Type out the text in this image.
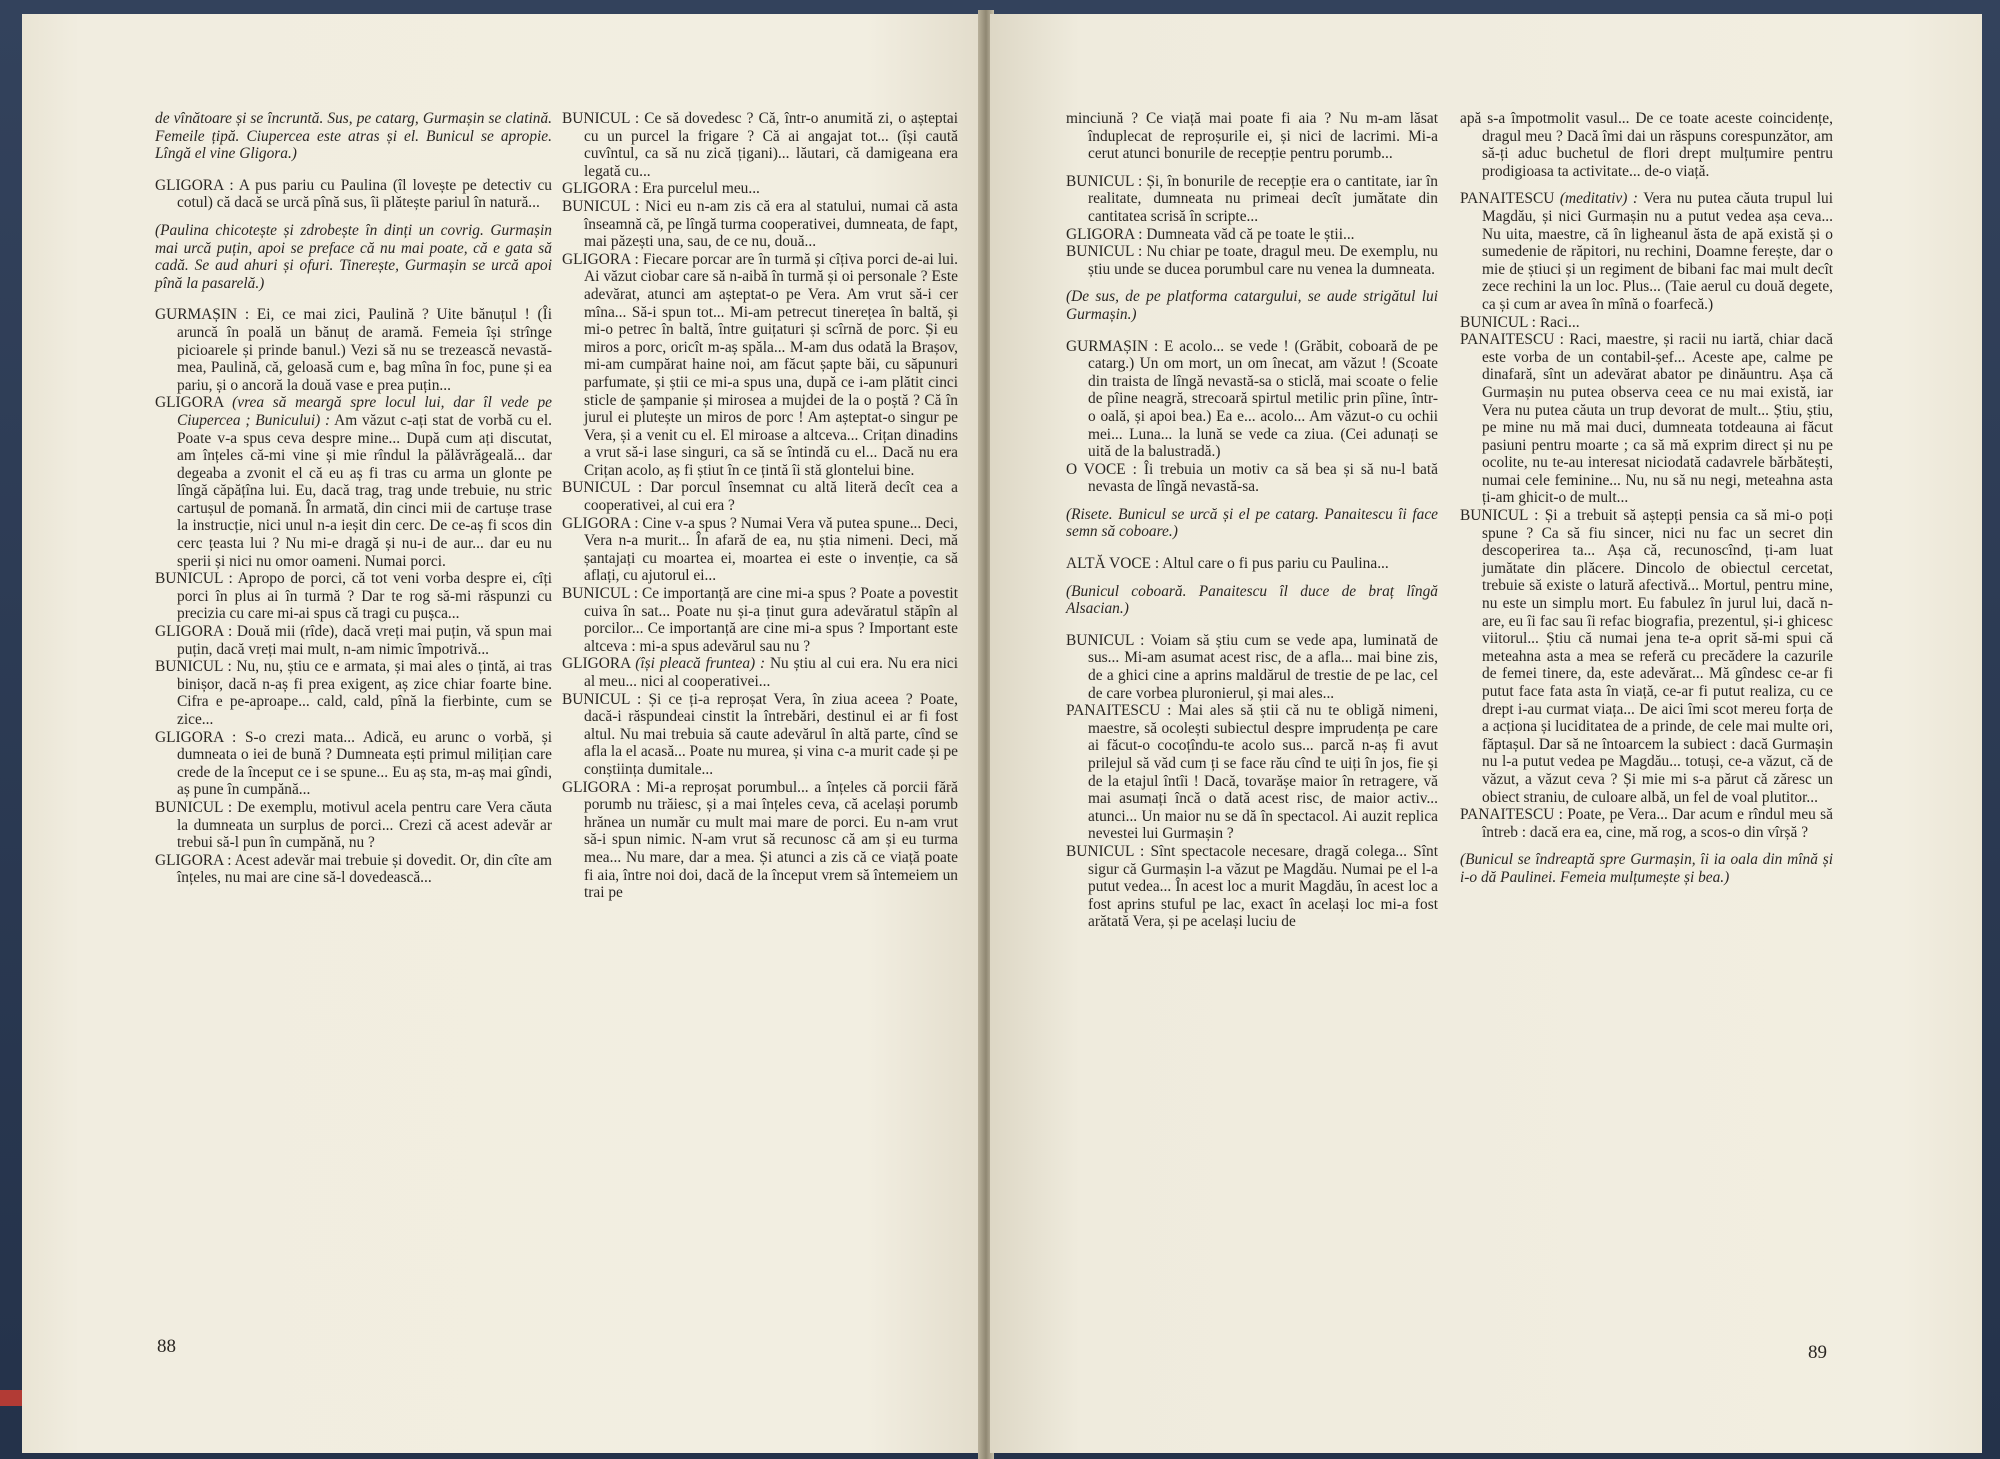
de vînătoare și se încruntă. Sus, pe catarg, Gurmașin se clatină. Femeile țipă. Ciupercea este atras și el. Bunicul se apropie. Lîngă el vine Gligora.)

GLIGORA : A pus pariu cu Paulina (îl lovește pe detectiv cu cotul) că dacă se urcă pînă sus, îi plătește pariul în natură...

(Paulina chicotește și zdrobește în dinți un covrig. Gurmașin mai urcă puțin, apoi se preface că nu mai poate, că e gata să cadă. Se aud ahuri și ofuri. Tinerește, Gurmașin se urcă apoi pînă la pasarelă.)

GURMAȘIN : Ei, ce mai zici, Paulină ? Uite bănuțul ! (Îi aruncă în poală un bănuț de aramă. Femeia își strînge picioarele și prinde banul.) Vezi să nu se trezească nevastă-mea, Paulină, că, geloasă cum e, bag mîna în foc, pune și ea pariu, și o ancoră la două vase e prea puțin...

GLIGORA (vrea să meargă spre locul lui, dar îl vede pe Ciupercea ; Bunicului) : Am văzut c-ați stat de vorbă cu el. Poate v-a spus ceva despre mine... După cum ați discutat, am înțeles că-mi vine și mie rîndul la pălăvrăgeală... dar degeaba a zvonit el că eu aș fi tras cu arma un glonte pe lîngă căpățîna lui. Eu, dacă trag, trag unde trebuie, nu stric cartușul de pomană. În armată, din cinci mii de cartușe trase la instrucție, nici unul n-a ieșit din cerc. De ce-aș fi scos din cerc țeasta lui ? Nu mi-e dragă și nu-i de aur... dar eu nu sperii și nici nu omor oameni. Numai porci.

BUNICUL : Apropo de porci, că tot veni vorba despre ei, cîți porci în plus ai în turmă ? Dar te rog să-mi răspunzi cu precizia cu care mi-ai spus că tragi cu pușca...

GLIGORA : Două mii (rîde), dacă vreți mai puțin, vă spun mai puțin, dacă vreți mai mult, n-am nimic împotrivă...

BUNICUL : Nu, nu, știu ce e armata, și mai ales o țintă, ai tras binișor, dacă n-aș fi prea exigent, aș zice chiar foarte bine. Cifra e pe-aproape... cald, cald, pînă la fierbinte, cum se zice...

GLIGORA : S-o crezi mata... Adică, eu arunc o vorbă, și dumneata o iei de bună ? Dumneata ești primul milițian care crede de la început ce i se spune... Eu aș sta, m-aș mai gîndi, aș pune în cumpănă...

BUNICUL : De exemplu, motivul acela pentru care Vera căuta la dumneata un surplus de porci... Crezi că acest adevăr ar trebui să-l pun în cumpănă, nu ?

GLIGORA : Acest adevăr mai trebuie și dovedit. Or, din cîte am înțeles, nu mai are cine să-l dovedească...

BUNICUL : Ce să dovedesc ? Că, într-o anumită zi, o așteptai cu un purcel la frigare ? Că ai angajat tot... (își caută cuvîntul, ca să nu zică țigani)... lăutari, că damigeana era legată cu...

GLIGORA : Era purcelul meu...

BUNICUL : Nici eu n-am zis că era al statului, numai că asta înseamnă că, pe lîngă turma cooperativei, dumneata, de fapt, mai păzești una, sau, de ce nu, două...

GLIGORA : Fiecare porcar are în turmă și cîțiva porci de-ai lui. Ai văzut ciobar care să n-aibă în turmă și oi personale ? Este adevărat, atunci am așteptat-o pe Vera. Am vrut să-i cer mîna... Să-i spun tot... Mi-am petrecut tinerețea în baltă, și mi-o petrec în baltă, între guițaturi și scîrnă de porc. Și eu miros a porc, oricît m-aș spăla... M-am dus odată la Brașov, mi-am cumpărat haine noi, am făcut șapte băi, cu săpunuri parfumate, și știi ce mi-a spus una, după ce i-am plătit cinci sticle de șampanie și mirosea a mujdei de la o poștă ? Că în jurul ei plutește un miros de porc ! Am așteptat-o singur pe Vera, și a venit cu el. El miroase a altceva... Crițan dinadins a vrut să-i lase singuri, ca să se întindă cu el... Dacă nu era Crițan acolo, aș fi știut în ce țintă îi stă glontelui bine.

BUNICUL : Dar porcul însemnat cu altă literă decît cea a cooperativei, al cui era ?

GLIGORA : Cine v-a spus ? Numai Vera vă putea spune... Deci, Vera n-a murit... În afară de ea, nu știa nimeni. Deci, mă șantajați cu moartea ei, moartea ei este o invenție, ca să aflați, cu ajutorul ei...

BUNICUL : Ce importanță are cine mi-a spus ? Poate a povestit cuiva în sat... Poate nu și-a ținut gura adevăratul stăpîn al porcilor... Ce importanță are cine mi-a spus ? Important este altceva : mi-a spus adevărul sau nu ?

GLIGORA (își pleacă fruntea) : Nu știu al cui era. Nu era nici al meu... nici al cooperativei...

BUNICUL : Și ce ți-a reproșat Vera, în ziua aceea ? Poate, dacă-i răspundeai cinstit la întrebări, destinul ei ar fi fost altul. Nu mai trebuia să caute adevărul în altă parte, cînd se afla la el acasă... Poate nu murea, și vina c-a murit cade și pe conștiința dumitale...

GLIGORA : Mi-a reproșat porumbul... a înțeles că porcii fără porumb nu trăiesc, și a mai înțeles ceva, că același porumb hrănea un număr cu mult mai mare de porci. Eu n-am vrut să-i spun nimic. N-am vrut să recunosc că am și eu turma mea... Nu mare, dar a mea. Și atunci a zis că ce viață poate fi aia, între noi doi, dacă de la început vrem să întemeiem un trai pe

88

minciună ? Ce viață mai poate fi aia ? Nu m-am lăsat înduplecat de reproșurile ei, și nici de lacrimi. Mi-a cerut atunci bonurile de recepție pentru porumb...

BUNICUL : Și, în bonurile de recepție era o cantitate, iar în realitate, dumneata nu primeai decît jumătate din cantitatea scrisă în scripte...

GLIGORA : Dumneata văd că pe toate le știi...

BUNICUL : Nu chiar pe toate, dragul meu. De exemplu, nu știu unde se ducea porumbul care nu venea la dumneata.

(De sus, de pe platforma catargului, se aude strigătul lui Gurmașin.)

GURMAȘIN : E acolo... se vede ! (Grăbit, coboară de pe catarg.) Un om mort, un om înecat, am văzut ! (Scoate din traista de lîngă nevastă-sa o sticlă, mai scoate o felie de pîine neagră, strecoară spirtul metilic prin pîine, într-o oală, și apoi bea.) Ea e... acolo... Am văzut-o cu ochii mei... Luna... la lună se vede ca ziua. (Cei adunați se uită de la balustradă.)

O VOCE : Îi trebuia un motiv ca să bea și să nu-l bată nevasta de lîngă nevastă-sa.

(Risete. Bunicul se urcă și el pe catarg. Panaitescu îi face semn să coboare.)

ALTĂ VOCE : Altul care o fi pus pariu cu Paulina...

(Bunicul coboară. Panaitescu îl duce de braț lîngă Alsacian.)

BUNICUL : Voiam să știu cum se vede apa, luminată de sus... Mi-am asumat acest risc, de a afla... mai bine zis, de a ghici cine a aprins maldărul de trestie de pe lac, cel de care vorbea pluronierul, și mai ales...

PANAITESCU : Mai ales să știi că nu te obligă nimeni, maestre, să ocolești subiectul despre imprudența pe care ai făcut-o cocoțîndu-te acolo sus... parcă n-aș fi avut prilejul să văd cum ți se face rău cînd te uiți în jos, fie și de la etajul întîi ! Dacă, tovarășe maior în retragere, vă mai asumați încă o dată acest risc, de maior activ... atunci... Un maior nu se dă în spectacol. Ai auzit replica nevestei lui Gurmașin ?

BUNICUL : Sînt spectacole necesare, dragă colega... Sînt sigur că Gurmașin l-a văzut pe Magdău. Numai pe el l-a putut vedea... În acest loc a murit Magdău, în acest loc a fost aprins stuful pe lac, exact în același loc mi-a fost arătată Vera, și pe același luciu de

apă s-a împotmolit vasul... De ce toate aceste coincidențe, dragul meu ? Dacă îmi dai un răspuns corespunzător, am să-ți aduc buchetul de flori drept mulțumire pentru prodigioasa ta activitate... de-o viață.

PANAITESCU (meditativ) : Vera nu putea căuta trupul lui Magdău, și nici Gurmașin nu a putut vedea așa ceva... Nu uita, maestre, că în ligheanul ăsta de apă există și o sumedenie de răpitori, nu rechini, Doamne ferește, dar o mie de știuci și un regiment de bibani fac mai mult decît zece rechini la un loc. Plus... (Taie aerul cu două degete, ca și cum ar avea în mînă o foarfecă.)

BUNICUL : Raci...

PANAITESCU : Raci, maestre, și racii nu iartă, chiar dacă este vorba de un contabil-șef... Aceste ape, calme pe dinafară, sînt un adevărat abator pe dinăuntru. Așa că Gurmașin nu putea observa ceea ce nu mai există, iar Vera nu putea căuta un trup devorat de mult... Știu, știu, pe mine nu mă mai duci, dumneata totdeauna ai făcut pasiuni pentru moarte ; ca să mă exprim direct și nu pe ocolite, nu te-au interesat niciodată cadavrele bărbătești, numai cele feminine... Nu, nu să nu negi, meteahna asta ți-am ghicit-o de mult...

BUNICUL : Și a trebuit să aștepți pensia ca să mi-o poți spune ? Ca să fiu sincer, nici nu fac un secret din descoperirea ta... Așa că, recunoscînd, ți-am luat jumătate din plăcere. Dincolo de obiectul cercetat, trebuie să existe o latură afectivă... Mortul, pentru mine, nu este un simplu mort. Eu fabulez în jurul lui, dacă n-are, eu îi fac sau îi refac biografia, prezentul, și-i ghicesc viitorul... Știu că numai jena te-a oprit să-mi spui că meteahna asta a mea se referă cu precădere la cazurile de femei tinere, da, este adevărat... Mă gîndesc ce-ar fi putut face fata asta în viață, ce-ar fi putut realiza, cu ce drept i-au curmat viața... De aici îmi scot mereu forța de a acționa și luciditatea de a prinde, de cele mai multe ori, făptașul. Dar să ne întoarcem la subiect : dacă Gurmașin nu l-a putut vedea pe Magdău... totuși, ce-a văzut, că de văzut, a văzut ceva ? Și mie mi s-a părut că zăresc un obiect straniu, de culoare albă, un fel de voal plutitor...

PANAITESCU : Poate, pe Vera... Dar acum e rîndul meu să întreb : dacă era ea, cine, mă rog, a scos-o din vîrșă ?

(Bunicul se îndreaptă spre Gurmașin, îi ia oala din mînă și i-o dă Paulinei. Femeia mulțumește și bea.)

89
